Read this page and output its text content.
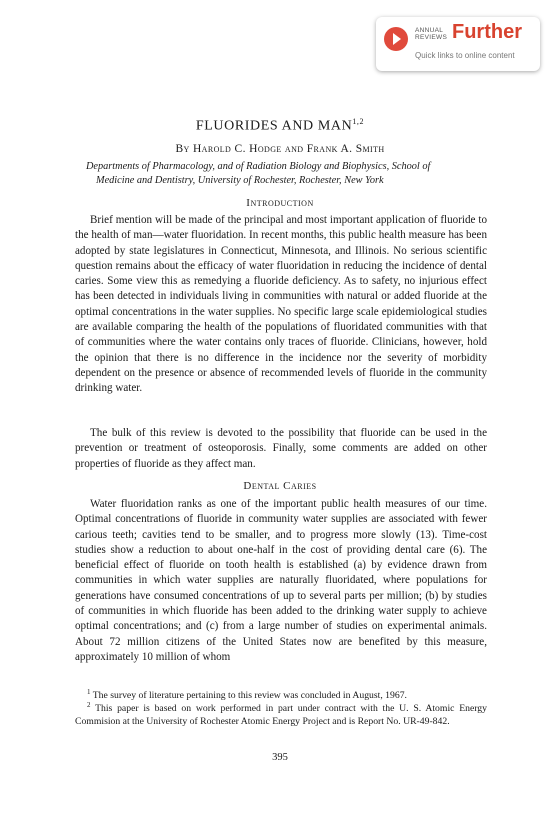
ANNUAL
REVIEWS Further
Quick links to online content
FLUORIDES AND MAN$^{1,2}$
By Harold C. Hodge and Frank A. Smith
Departments of Pharmacology, and of Radiation Biology and Biophysics, School of
Medicine and Dentistry, University of Rochester, Rochester, New York
Introduction

Brief mention will be made of the principal and most important application of fluoride to the health of man—water fluoridation. In recent months, this public health measure has been adopted by state legislatures in Connecticut, Minnesota, and Illinois. No serious scientific question remains about the efficacy of water fluoridation in reducing the incidence of dental caries. Some view this as remedying a fluoride deficiency. As to safety, no injurious effect has been detected in individuals living in communities with natural or added fluoride at the optimal concentrations in the water supplies. No specific large scale epidemiological studies are available comparing the health of the populations of fluoridated communities with that of communities where the water contains only traces of fluoride. Clinicians, however, hold the opinion that there is no difference in the incidence nor the severity of morbidity dependent on the presence or absence of recommended levels of fluoride in the community drinking water.

The bulk of this review is devoted to the possibility that fluoride can be used in the prevention or treatment of osteoporosis. Finally, some comments are added on other properties of fluoride as they affect man.

Dental Caries

Water fluoridation ranks as one of the important public health measures of our time. Optimal concentrations of fluoride in community water supplies are associated with fewer carious teeth; cavities tend to be smaller, and to progress more slowly (13). Time-cost studies show a reduction to about one-half in the cost of providing dental care (6). The beneficial effect of fluoride on tooth health is established (a) by evidence drawn from communities in which water supplies are naturally fluoridated, where populations for generations have consumed concentrations of up to several parts per million; (b) by studies of communities in which fluoride has been added to the drinking water supply to achieve optimal concentrations; and (c) from a large number of studies on experimental animals. About 72 million citizens of the United States now are benefited by this measure, approximately 10 million of whom

$^1$ The survey of literature pertaining to this review was concluded in August, 1967.

$^2$ This paper is based on work performed in part under contract with the U. S. Atomic Energy Commision at the University of Rochester Atomic Energy Project and is Report No. UR-49-842.

395
